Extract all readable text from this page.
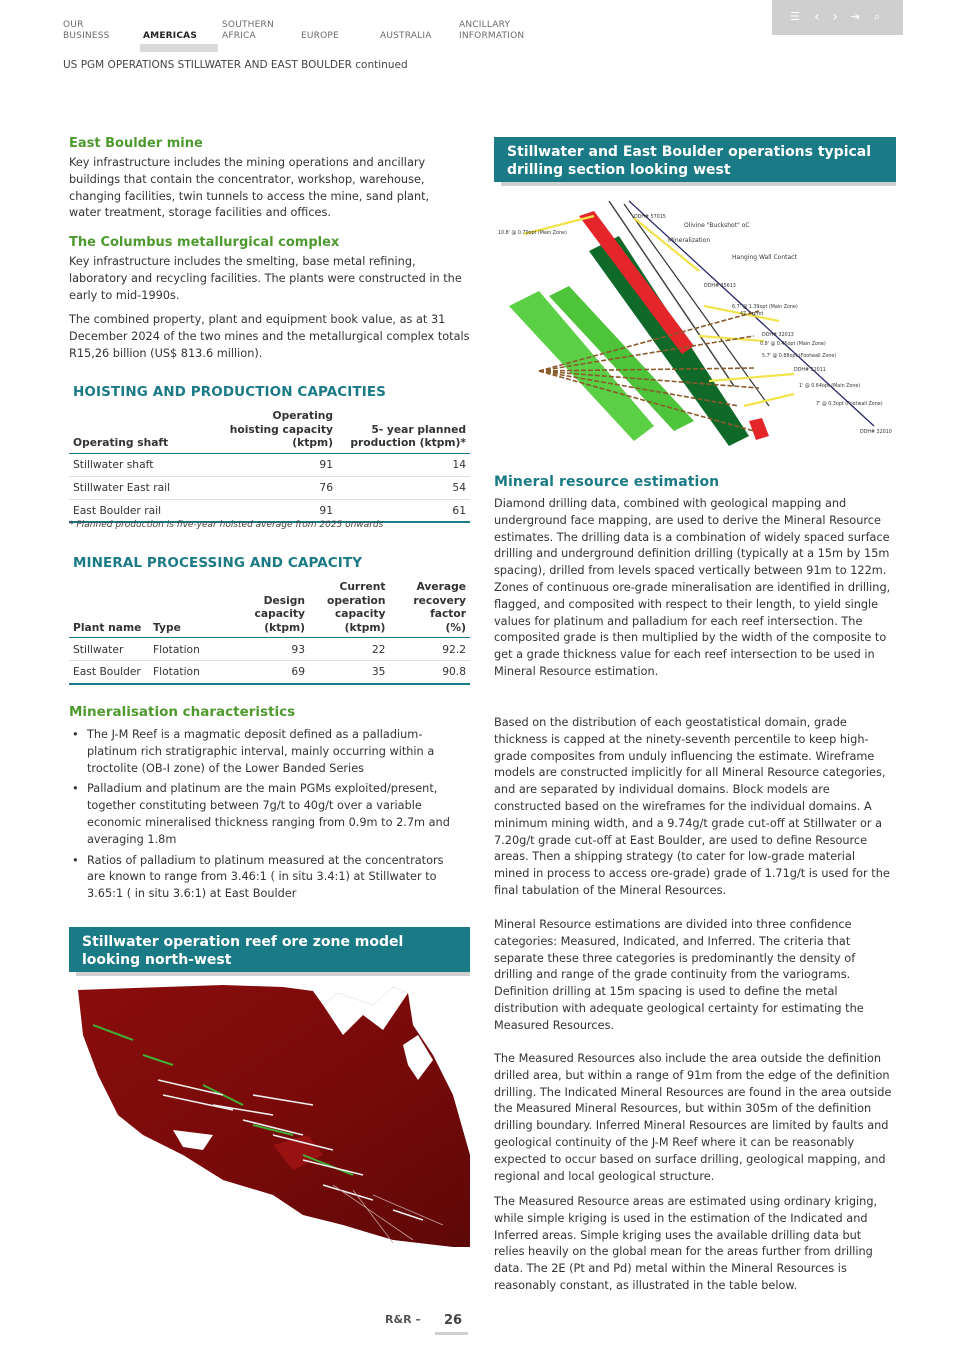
OUR
BUSINESS
	AMERICAS
SOUTHERN
AFRICA
	EUROPE
	AUSTRALIA
ANCILLARY
INFORMATION
☰ ‹ ›	⇥	⌕
US PGM OPERATIONS STILLWATER AND EAST BOULDER continued
East Boulder mine
Key infrastructure includes the mining operations and ancillary buildings that contain the concentrator, workshop, warehouse, changing facilities, twin tunnels to access the mine, sand plant, water treatment, storage facilities and offices.
The Columbus metallurgical complex
Key infrastructure includes the smelting, base metal refining, laboratory and recycling facilities. The plants were constructed in the early to mid-1990s.
The combined property, plant and equipment book value, as at 31 December 2024 of the two mines and the metallurgical complex totals R15,26 billion (US$ 813.6 million).
HOISTING AND PRODUCTION CAPACITIES
Operating shaft	Operating hoisting capacity (ktpm)	5- year planned production (ktpm)*
Stillwater shaft	91	14
Stillwater East rail	76	54
East Boulder rail	91	61
* Planned production is five-year hoisted average from 2025 onwards
MINERAL PROCESSING AND CAPACITY
Plant name	Type	Design capacity (ktpm)	Current operation capacity (ktpm)	Average recovery factor (%)
Stillwater	Flotation	93	22	92.2
East Boulder	Flotation	69	35	90.8
Mineralisation characteristics
• The J-M Reef is a magmatic deposit defined as a palladium-platinum rich stratigraphic interval, mainly occurring within a troctolite (OB-I zone) of the Lower Banded Series
• Palladium and platinum are the main PGMs exploited/present, together constituting between 7g/t to 40g/t over a variable economic mineralised thickness ranging from 0.9m to 2.7m and averaging 1.8m
• Ratios of palladium to platinum measured at the concentrators are known to range from 3.46:1 ( in situ 3.4:1) at Stillwater to 3.65:1 ( in situ 3.6:1) at East Boulder
Stillwater operation reef ore zone model looking north-west
Stillwater and East Boulder operations typical drilling section looking west
10.8' @ 0.70opt (Main Zone)
DDH# 57015
Olivine "Buckshot" oC
Mineralization
Hanging Wall Contact
DDH# 35613
6.7' @ 1.39opt (Main Zone)
47.7 g/mt
DDH# 32013
0.8' @ 0.45opt (Main Zone)
5.7' @ 0.88opt (Footwall Zone)
DDH# 32011
1' @ 0.64opt (Main Zone)
7' @ 0.3opt (Footwall Zone)
DDH# 32010
Mineral resource estimation
Diamond drilling data, combined with geological mapping and underground face mapping, are used to derive the Mineral Resource estimates. The drilling data is a combination of widely spaced surface drilling and underground definition drilling (typically at a 15m by 15m spacing), drilled from levels spaced vertically between 91m to 122m. Zones of continuous ore-grade mineralisation are identified in drilling, flagged, and composited with respect to their length, to yield single values for platinum and palladium for each reef intersection. The composited grade is then multiplied by the width of the composite to get a grade thickness value for each reef intersection to be used in Mineral Resource estimation.
Based on the distribution of each geostatistical domain, grade thickness is capped at the ninety-seventh percentile to keep high-grade composites from unduly influencing the estimate. Wireframe models are constructed implicitly for all Mineral Resource categories, and are separated by individual domains. Block models are constructed based on the wireframes for the individual domains. A minimum mining width, and a 9.74g/t grade cut-off at Stillwater or a 7.20g/t grade cut-off at East Boulder, are used to define Resource areas. Then a shipping strategy (to cater for low-grade material mined in process to access ore-grade) grade of 1.71g/t is used for the final tabulation of the Mineral Resources.
Mineral Resource estimations are divided into three confidence categories: Measured, Indicated, and Inferred. The criteria that separate these three categories is predominantly the density of drilling and range of the grade continuity from the variograms. Definition drilling at 15m spacing is used to define the metal distribution with adequate geological certainty for estimating the Measured Resources.
The Measured Resources also include the area outside the definition drilled area, but within a range of 91m from the edge of the definition drilling. The Indicated Mineral Resources are found in the area outside the Measured Mineral Resources, but within 305m of the definition drilling boundary. Inferred Mineral Resources are limited by faults and geological continuity of the J-M Reef where it can be reasonably expected to occur based on surface drilling, geological mapping, and regional and local geological structure.
The Measured Resource areas are estimated using ordinary kriging, while simple kriging is used in the estimation of the Indicated and Inferred areas. Simple kriging uses the available drilling data but relies heavily on the global mean for the areas further from drilling data. The 2E (Pt and Pd) metal within the Mineral Resources is reasonably constant, as illustrated in the table below.
R&R – 26
